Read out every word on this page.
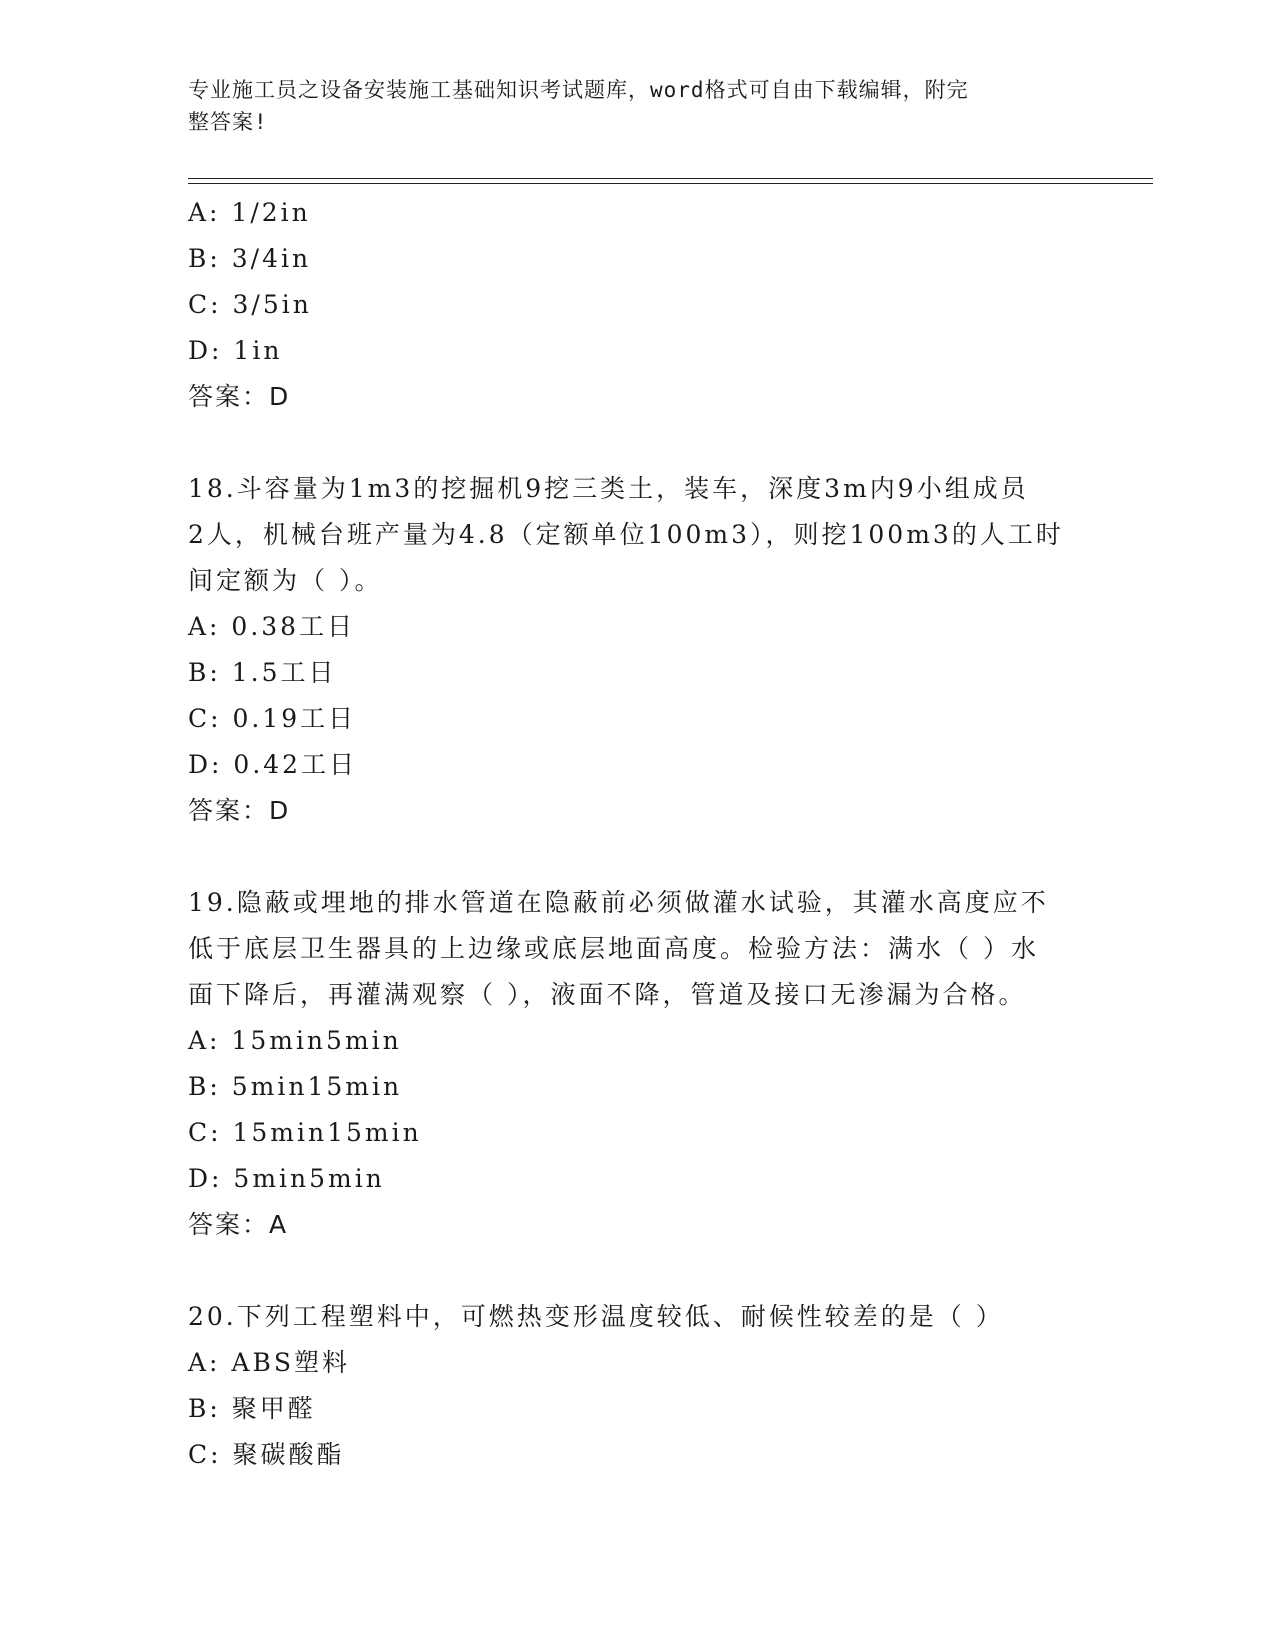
专业施工员之设备安装施工基础知识考试题库，word格式可自由下载编辑，附完
整答案!
A: 1/2in
B: 3/4in
C: 3/5in
D: 1in
答案：D
18.斗容量为1m3的挖掘机9挖三类土，装车，深度3m内9小组成员
2人，机械台班产量为4.8（定额单位100m3），则挖100m3的人工时
间定额为（ ）。
A: 0.38工日
B: 1.5工日
C: 0.19工日
D: 0.42工日
答案：D
19.隐蔽或埋地的排水管道在隐蔽前必须做灌水试验，其灌水高度应不
低于底层卫生器具的上边缘或底层地面高度。检验方法：满水（ ）水
面下降后，再灌满观察（ ），液面不降，管道及接口无渗漏为合格。
A: 15min5min
B: 5min15min
C: 15min15min
D: 5min5min
答案：A
20.下列工程塑料中，可燃热变形温度较低、耐候性较差的是（ ）
A: ABS塑料
B: 聚甲醛
C: 聚碳酸酯
